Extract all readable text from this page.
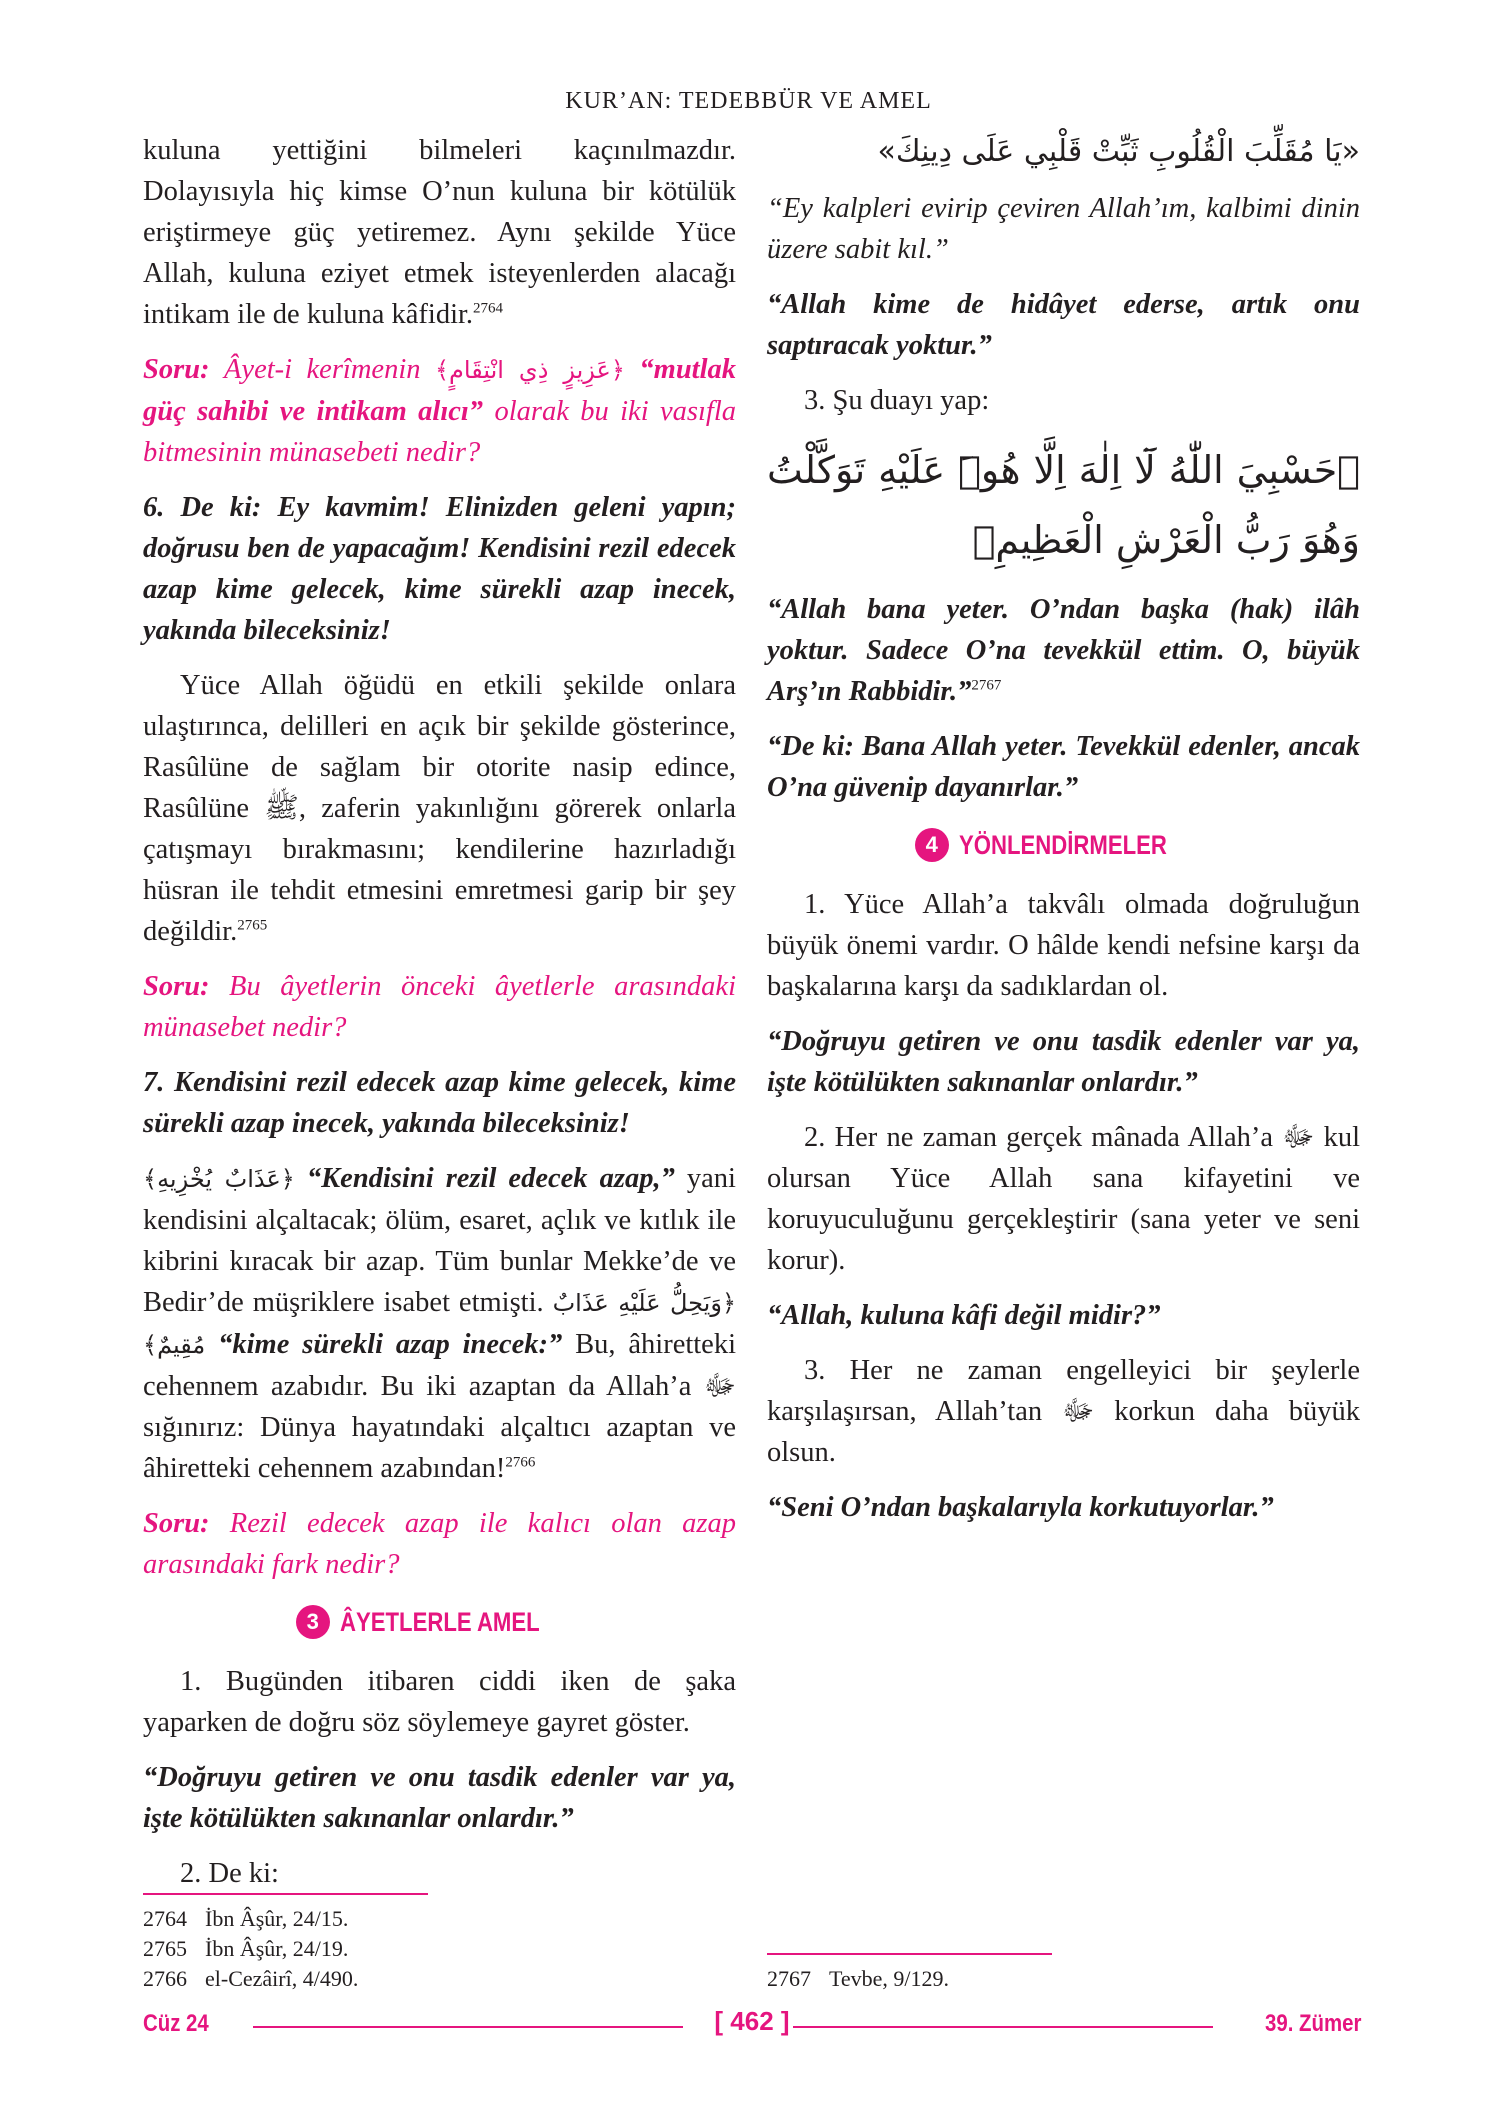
KUR’AN: TEDEBBÜR VE AMEL

kuluna yettiğini bilmeleri kaçınılmazdır. Dolayısıyla hiç kimse O’nun kuluna bir kötülük eriştirmeye güç yetiremez. Aynı şekilde Yüce Allah, kuluna eziyet etmek isteyenlerden alacağı intikam ile de kuluna kâfidir.$^{2764}$

Soru: Âyet-i kerîmenin ﴿عَزِيزٍ ذِي انْتِقَامٍ﴾ “mutlak güç sahibi ve intikam alıcı” olarak bu iki vasıfla bitmesinin münasebeti nedir?

6. De ki: Ey kavmim! Elinizden geleni yapın; doğrusu ben de yapacağım! Kendisini rezil edecek azap kime gelecek, kime sürekli azap inecek, yakında bileceksiniz!

Yüce Allah öğüdü en etkili şekilde onlara ulaştırınca, delilleri en açık bir şekilde gösterince, Rasûlüne de sağlam bir otorite nasip edince, Rasûlüne ﷺ, zaferin yakınlığını görerek onlarla çatışmayı bırakmasını; kendilerine hazırladığı hüsran ile tehdit etmesini emretmesi garip bir şey değildir.$^{2765}$

Soru: Bu âyetlerin önceki âyetlerle arasındaki münasebet nedir?

7. Kendisini rezil edecek azap kime gelecek, kime sürekli azap inecek, yakında bileceksiniz!

﴿عَذَابٌ يُخْزِيهِ﴾ “Kendisini rezil edecek azap,” yani kendisini alçaltacak; ölüm, esaret, açlık ve kıtlık ile kibrini kıracak bir azap. Tüm bunlar Mekke’de ve Bedir’de müşriklere isabet etmişti. ﴿وَيَحِلُّ عَلَيْهِ عَذَابٌ مُقِيمٌ﴾ “kime sürekli azap inecek:” Bu, âhiretteki cehennem azabıdır. Bu iki azaptan da Allah’a ﷻ sığınırız: Dünya hayatındaki alçaltıcı azaptan ve âhiretteki cehennem azabından!$^{2766}$

Soru: Rezil edecek azap ile kalıcı olan azap arasındaki fark nedir?

3 ÂYETLERLE AMEL

1. Bugünden itibaren ciddi iken de şaka yaparken de doğru söz söylemeye gayret göster.

“Doğruyu getiren ve onu tasdik edenler var ya, işte kötülükten sakınanlar onlardır.”

2. De ki:

«يَا مُقَلِّبَ الْقُلُوبِ ثَبِّتْ قَلْبِي عَلَى دِينِكَ»

“Ey kalpleri evirip çeviren Allah’ım, kalbimi dinin üzere sabit kıl.”

“Allah kime de hidâyet ederse, artık onu saptıracak yoktur.”

3. Şu duayı yap:

﴿حَسْبِيَ اللّٰهُ لَٓا اِلٰهَ اِلَّا هُوَۜ عَلَيْهِ تَوَكَّلْتُ وَهُوَ رَبُّ الْعَرْشِ الْعَظِيمِ﴾

“Allah bana yeter. O’ndan başka (hak) ilâh yoktur. Sadece O’na tevekkül ettim. O, büyük Arş’ın Rabbidir.”$^{2767}$

“De ki: Bana Allah yeter. Tevekkül edenler, ancak O’na güvenip dayanırlar.”

4 YÖNLENDİRMELER

1. Yüce Allah’a takvâlı olmada doğruluğun büyük önemi vardır. O hâlde kendi nefsine karşı da başkalarına karşı da sadıklardan ol.

“Doğruyu getiren ve onu tasdik edenler var ya, işte kötülükten sakınanlar onlardır.”

2. Her ne zaman gerçek mânada Allah’a ﷻ kul olursan Yüce Allah sana kifayetini ve koruyuculuğunu gerçekleştirir (sana yeter ve seni korur).

“Allah, kuluna kâfi değil midir?”

3. Her ne zaman engelleyici bir şeylerle karşılaşırsan, Allah’tan ﷻ korkun daha büyük olsun.

“Seni O’ndan başkalarıyla korkutuyorlar.”

2764 İbn Âşûr, 24/15.
2765 İbn Âşûr, 24/19.
2766 el-Cezâirî, 4/490.	2767 Tevbe, 9/129.
Cüz 24	[ 462 ]	39. Zümer
